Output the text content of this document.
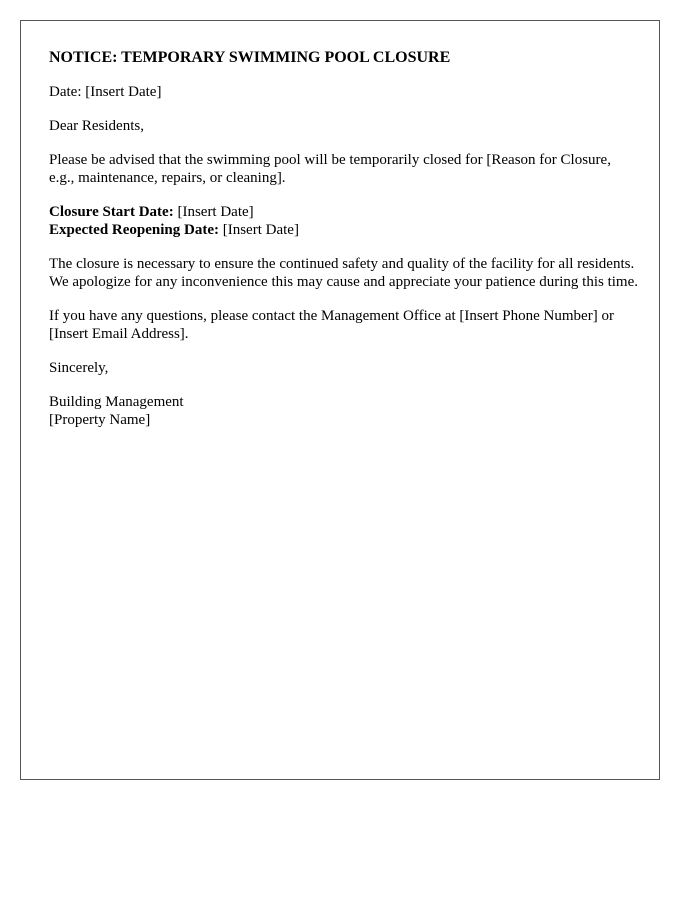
NOTICE: TEMPORARY SWIMMING POOL CLOSURE

Date: [Insert Date]

Dear Residents,

Please be advised that the swimming pool will be temporarily closed for [Reason for Closure, e.g., maintenance, repairs, or cleaning].

Closure Start Date: [Insert Date]
Expected Reopening Date: [Insert Date]

The closure is necessary to ensure the continued safety and quality of the facility for all residents. We apologize for any inconvenience this may cause and appreciate your patience during this time.

If you have any questions, please contact the Management Office at [Insert Phone Number] or [Insert Email Address].

Sincerely,

Building Management
[Property Name]
